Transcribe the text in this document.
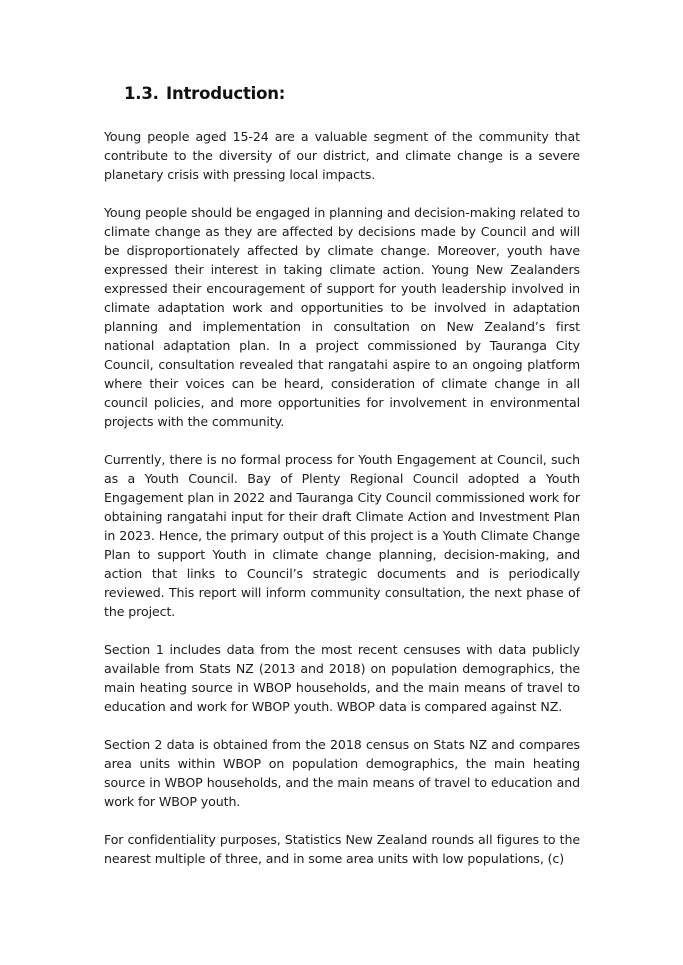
1.3. Introduction:

Young people aged 15-24 are a valuable segment of the community that contribute to the diversity of our district, and climate change is a severe planetary crisis with pressing local impacts.

Young people should be engaged in planning and decision-making related to climate change as they are affected by decisions made by Council and will be disproportionately affected by climate change. Moreover, youth have expressed their interest in taking climate action. Young New Zealanders expressed their encouragement of support for youth leadership involved in climate adaptation work and opportunities to be involved in adaptation planning and implementation in consultation on New Zealand’s first national adaptation plan. In a project commissioned by Tauranga City Council, consultation revealed that rangatahi aspire to an ongoing platform where their voices can be heard, consideration of climate change in all council policies, and more opportunities for involvement in environmental projects with the community.

Currently, there is no formal process for Youth Engagement at Council, such as a Youth Council. Bay of Plenty Regional Council adopted a Youth Engagement plan in 2022 and Tauranga City Council commissioned work for obtaining rangatahi input for their draft Climate Action and Investment Plan in 2023. Hence, the primary output of this project is a Youth Climate Change Plan to support Youth in climate change planning, decision-making, and action that links to Council’s strategic documents and is periodically reviewed. This report will inform community consultation, the next phase of the project.

Section 1 includes data from the most recent censuses with data publicly available from Stats NZ (2013 and 2018) on population demographics, the main heating source in WBOP households, and the main means of travel to education and work for WBOP youth. WBOP data is compared against NZ.

Section 2 data is obtained from the 2018 census on Stats NZ and compares area units within WBOP on population demographics, the main heating source in WBOP households, and the main means of travel to education and work for WBOP youth.

For confidentiality purposes, Statistics New Zealand rounds all figures to the nearest multiple of three, and in some area units with low populations, (c)
